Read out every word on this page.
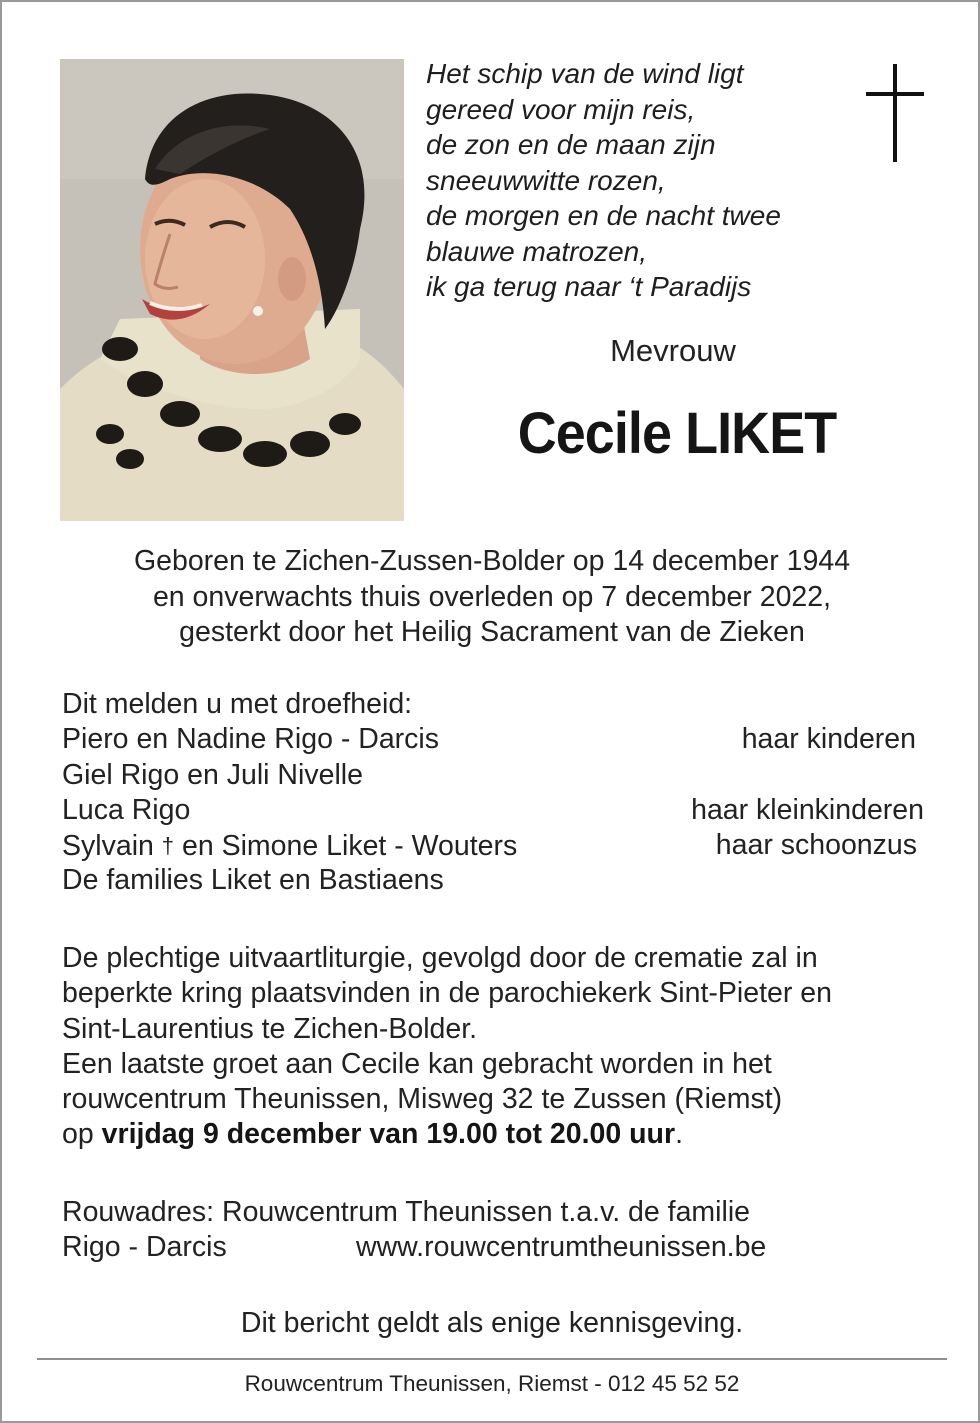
Het schip van de wind ligt
gereed voor mijn reis,
de zon en de maan zijn
sneeuwwitte rozen,
de morgen en de nacht twee
blauwe matrozen,
ik ga terug naar ‘t Paradijs
Mevrouw
Cecile LIKET
Geboren te Zichen-Zussen-Bolder op 14 december 1944
en onverwachts thuis overleden op 7 december 2022,
gesterkt door het Heilig Sacrament van de Zieken
Dit melden u met droefheid:
Piero en Nadine Rigo - Darcis	haar kinderen
Giel Rigo en Juli Nivelle
Luca Rigo	haar kleinkinderen
Sylvain † en Simone Liket - Wouters	haar schoonzus
De families Liket en Bastiaens
De plechtige uitvaartliturgie, gevolgd door de crematie zal in
beperkte kring plaatsvinden in de parochiekerk Sint-Pieter en
Sint-Laurentius te Zichen-Bolder.
Een laatste groet aan Cecile kan gebracht worden in het
rouwcentrum Theunissen, Misweg 32 te Zussen (Riemst)
op vrijdag 9 december van 19.00 tot 20.00 uur.
Rouwadres: Rouwcentrum Theunissen t.a.v. de familie
Rigo - Darcis	www.rouwcentrumtheunissen.be
Dit bericht geldt als enige kennisgeving.
Rouwcentrum Theunissen, Riemst - 012 45 52 52
